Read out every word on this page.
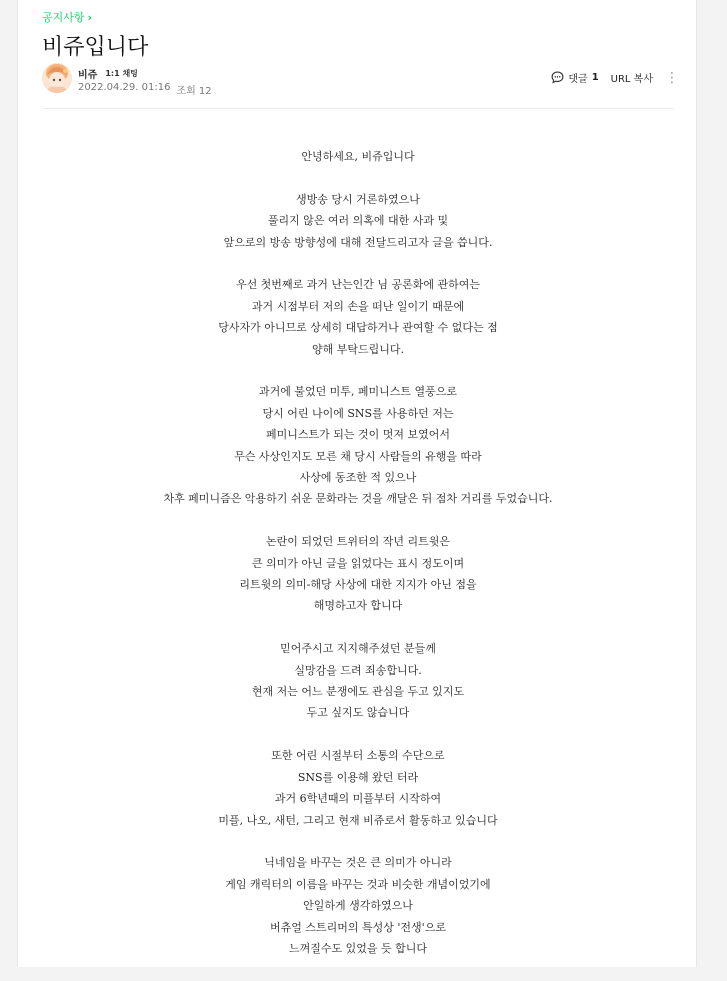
공지사항 ›
비쥬입니다
비쥬 1:1 채팅
2022.04.29. 01:16 조회 12
댓글 1 URL 복사 ⋮

안녕하세요, 비쥬입니다

생방송 당시 거론하였으나
풀리지 않은 여러 의혹에 대한 사과 및
앞으로의 방송 방향성에 대해 전달드리고자 글을 씁니다.

우선 첫번째로 과거 난는인간 님 공론화에 관하여는
과거 시점부터 저의 손을 떠난 일이기 때문에
당사자가 아니므로 상세히 대답하거나 관여할 수 없다는 점
양해 부탁드립니다.

과거에 불었던 미투, 페미니스트 열풍으로
당시 어린 나이에 SNS를 사용하던 저는
페미니스트가 되는 것이 멋져 보였어서
무슨 사상인지도 모른 채 당시 사람들의 유행을 따라
사상에 동조한 적 있으나
차후 페미니즘은 악용하기 쉬운 문화라는 것을 깨달은 뒤 점차 거리를 두었습니다.

논란이 되었던 트위터의 작년 리트윗은
큰 의미가 아닌 글을 읽었다는 표시 정도이며
리트윗의 의미-해당 사상에 대한 지지가 아닌 점을
해명하고자 합니다

믿어주시고 지지해주셨던 분들께
실망감을 드려 죄송합니다.
현재 저는 어느 분쟁에도 관심을 두고 있지도
두고 싶지도 않습니다

또한 어린 시절부터 소통의 수단으로
SNS를 이용해 왔던 터라
과거 6학년때의 미플부터 시작하여
미플, 나오, 새턴, 그리고 현재 비쥬로서 활동하고 있습니다

닉네임을 바꾸는 것은 큰 의미가 아니라
게임 캐릭터의 이름을 바꾸는 것과 비슷한 개념이었기에
안일하게 생각하였으나
버츄얼 스트리머의 특성상 '전생'으로
느껴질수도 있었을 듯 합니다
